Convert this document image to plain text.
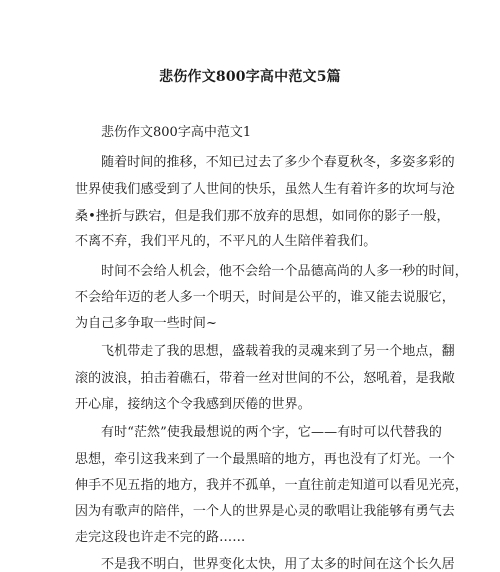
悲伤作文800字高中范文5篇
悲伤作文800字高中范文1
随着时间的推移，不知已过去了多少个春夏秋冬，多姿多彩的
世界使我们感受到了人世间的快乐，虽然人生有着许多的坎坷与沧
桑•挫折与跌宕，但是我们那不放弃的思想，如同你的影子一般，
不离不弃，我们平凡的，不平凡的人生陪伴着我们。
时间不会给人机会，他不会给一个品德高尚的人多一秒的时间，
不会给年迈的老人多一个明天，时间是公平的，谁又能去说服它，
为自己多争取一些时间~
飞机带走了我的思想，盛载着我的灵魂来到了另一个地点，翻
滚的波浪，拍击着礁石，带着一丝对世间的不公，怒吼着，是我敞
开心扉，接纳这个令我感到厌倦的世界。
有时“茫然”使我最想说的两个字，它——有时可以代替我的
思想，牵引这我来到了一个最黑暗的地方，再也没有了灯光。一个
伸手不见五指的地方，我并不孤单，一直往前走知道可以看见光亮，
因为有歌声的陪伴，一个人的世界是心灵的歌唱让我能够有勇气去
走完这段也许走不完的路……
不是我不明白，世界变化太快，用了太多的时间在这个长久居
